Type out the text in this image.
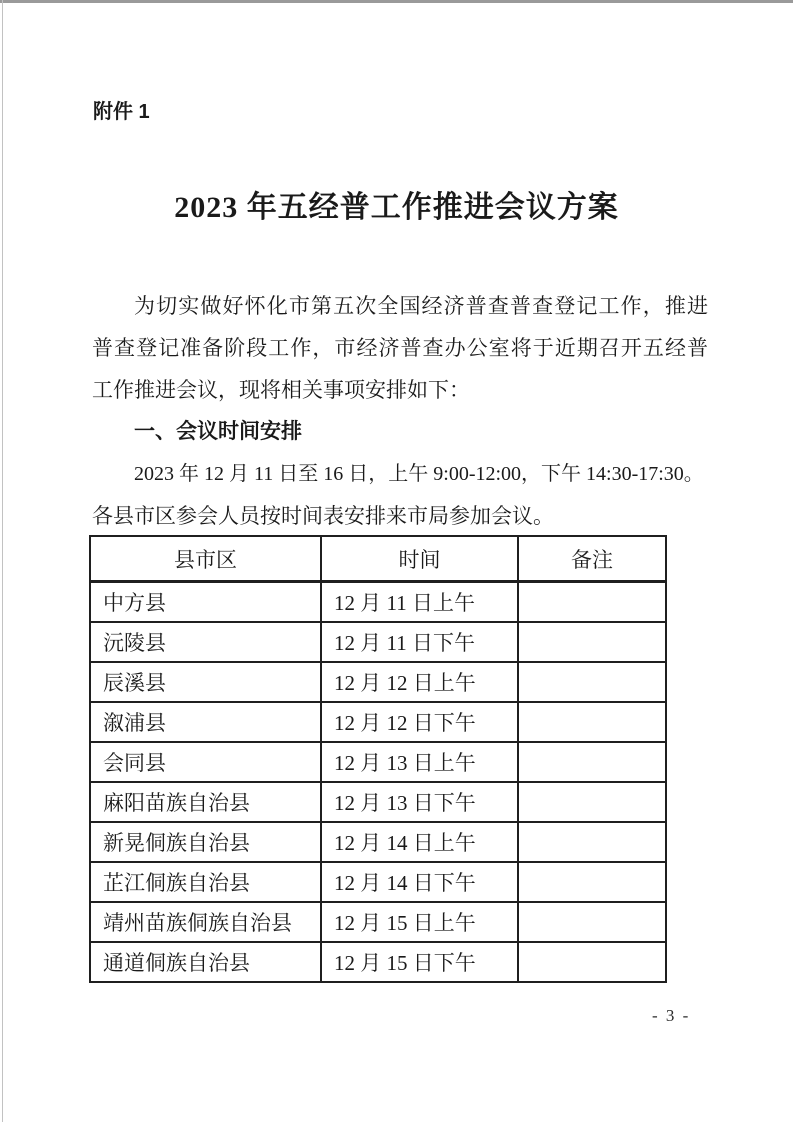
附件 1
2023 年五经普工作推进会议方案
为切实做好怀化市第五次全国经济普查普查登记工作，推进
普查登记准备阶段工作，市经济普查办公室将于近期召开五经普
工作推进会议，现将相关事项安排如下：
一、会议时间安排
2023 年 12 月 11 日至 16 日，上午 9:00-12:00，下午 14:30-17:30。
各县市区参会人员按时间表安排来市局参加会议。
县市区	时间	备注
中方县	12 月 11 日上午	
沅陵县	12 月 11 日下午	
辰溪县	12 月 12 日上午	
溆浦县	12 月 12 日下午	
会同县	12 月 13 日上午	
麻阳苗族自治县	12 月 13 日下午	
新晃侗族自治县	12 月 14 日上午	
芷江侗族自治县	12 月 14 日下午	
靖州苗族侗族自治县	12 月 15 日上午	
通道侗族自治县	12 月 15 日下午	
- 3 -
